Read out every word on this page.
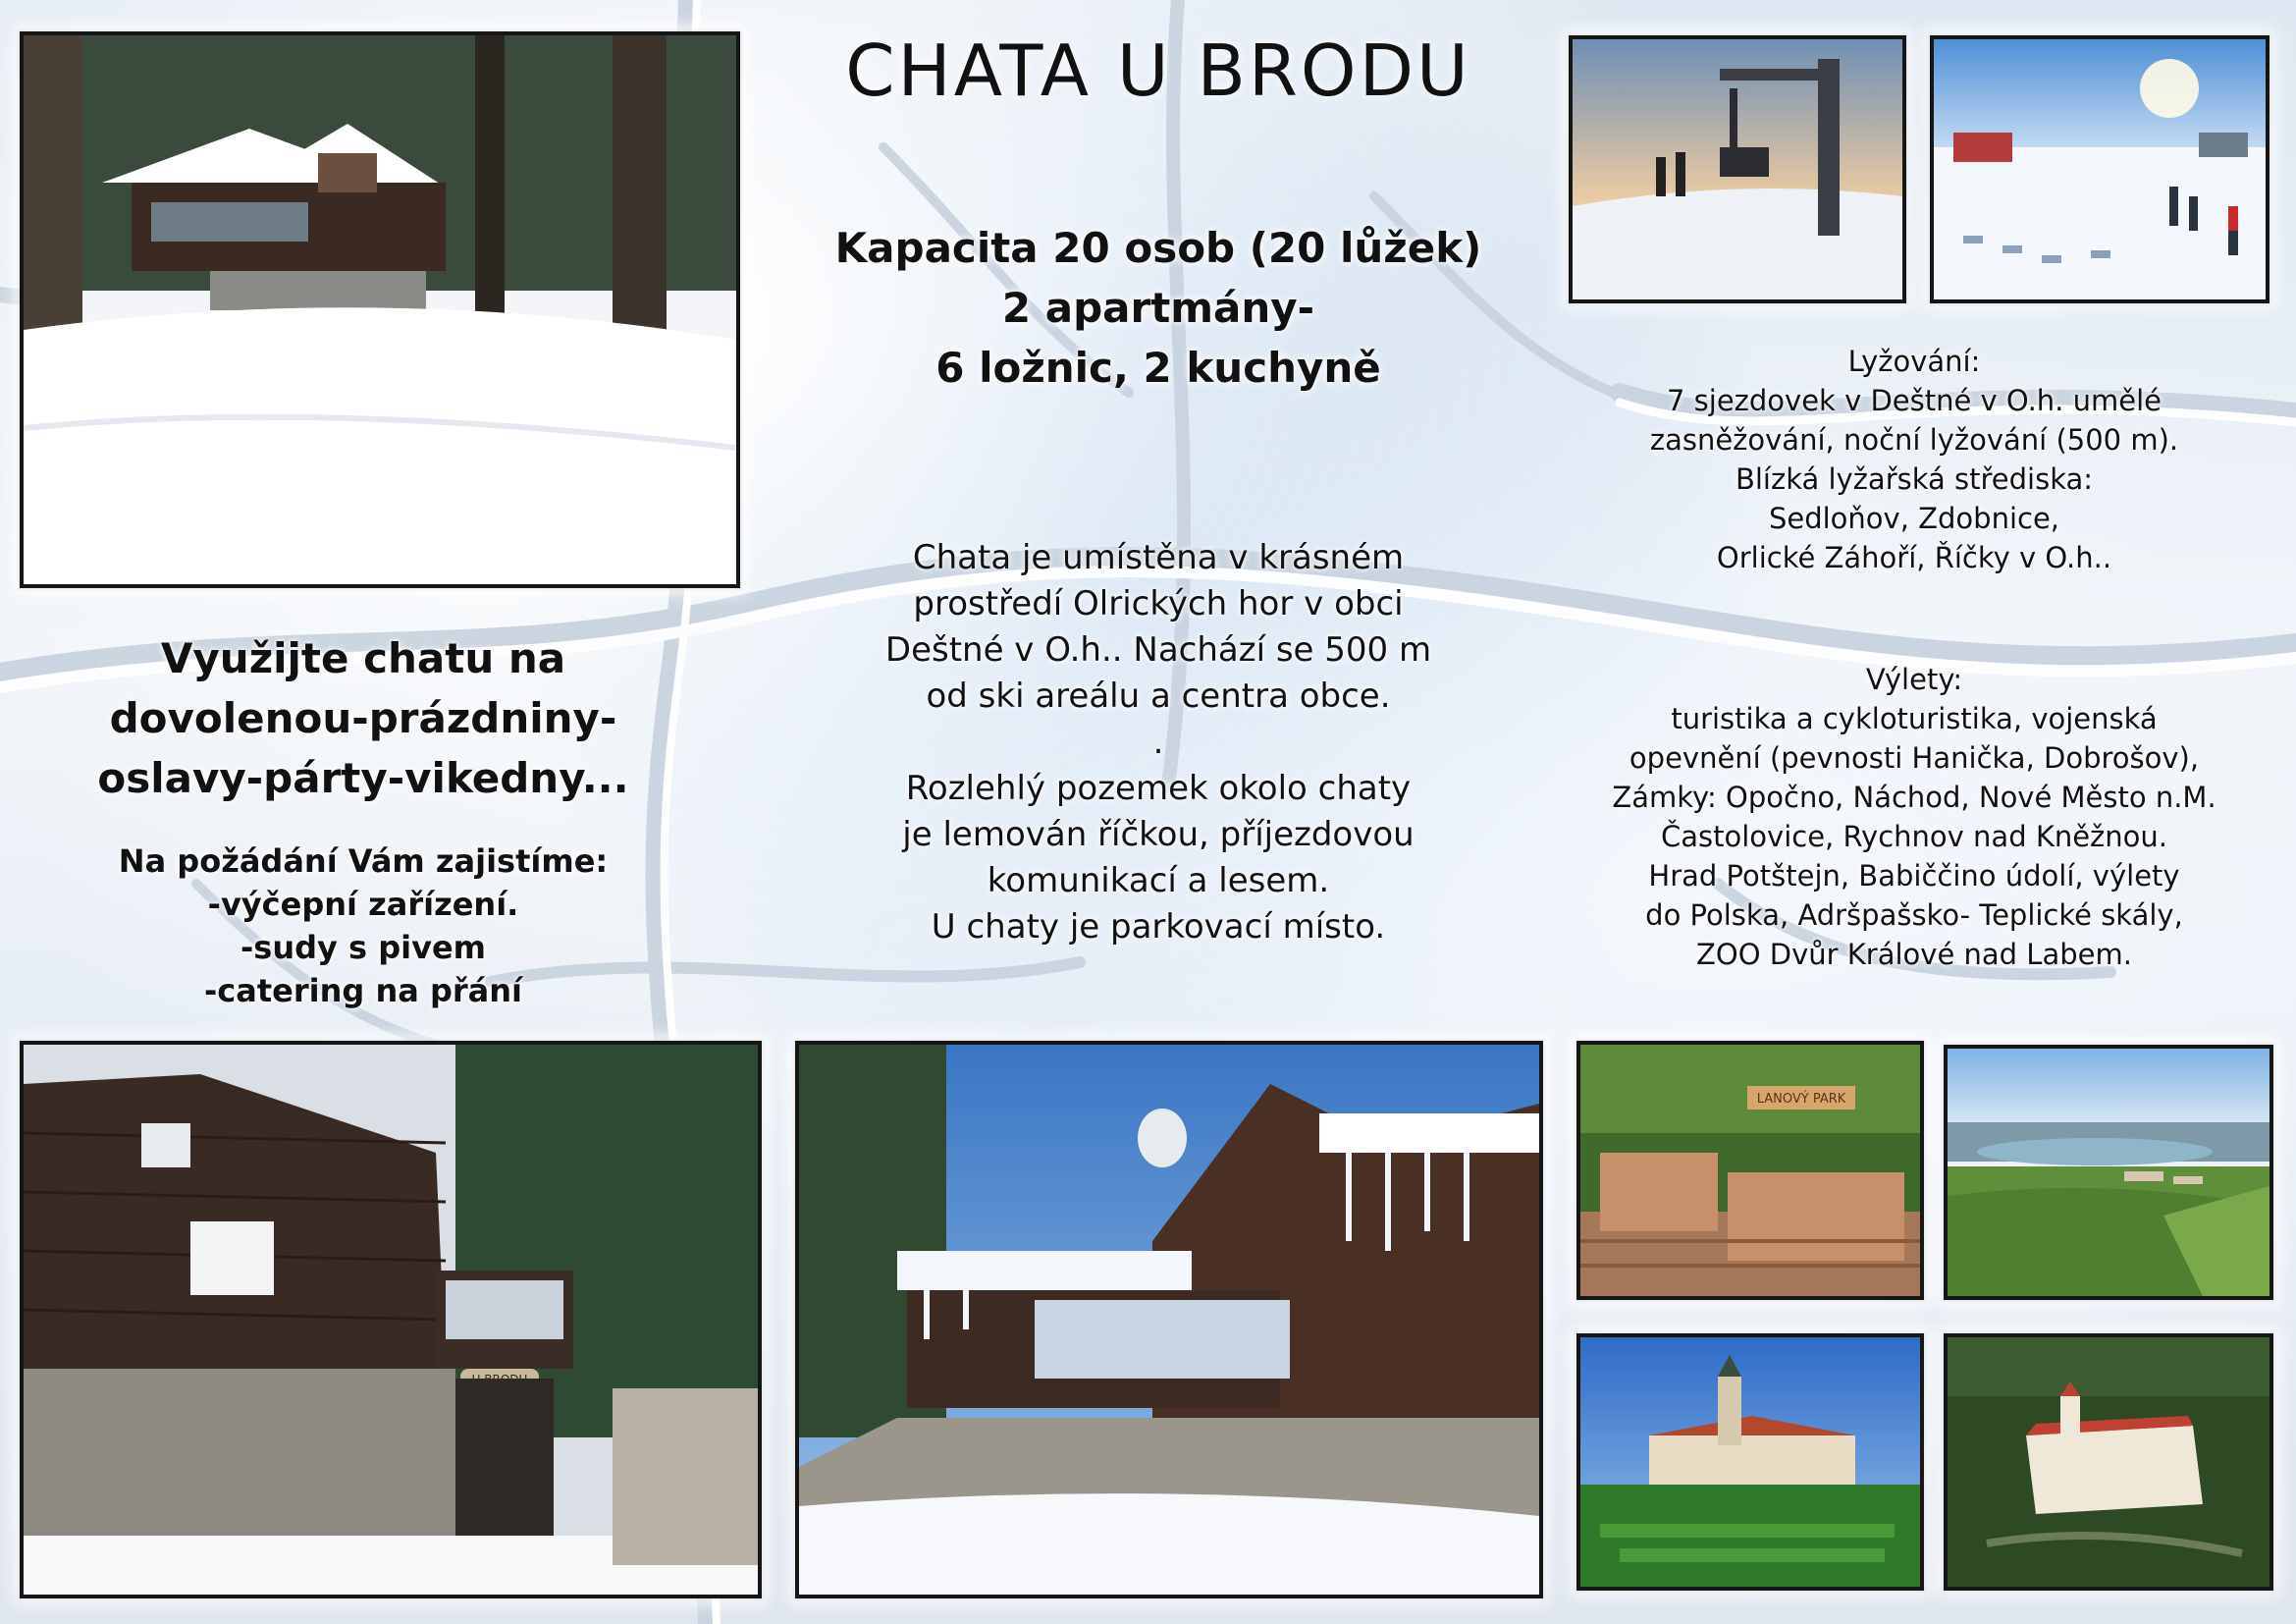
U BRODU
LANOVÝ PARK
CHATA U BRODU
Kapacita 20 osob (20 lůžek)
2 apartmány-
6 ložnic, 2 kuchyně
Chata je umístěna v krásném
prostředí Olrických hor v obci
Deštné v O.h.. Nachází se 500 m
od ski areálu a centra obce.
.
Rozlehlý pozemek okolo chaty
je lemován říčkou, příjezdovou
komunikací a lesem.
U chaty je parkovací místo.
Využijte chatu na
dovolenou-prázdniny-
oslavy-párty-vikedny...
Na požádání Vám zajistíme:
-výčepní zařízení.
-sudy s pivem
-catering na přání
Lyžování:
7 sjezdovek v Deštné v O.h. umělé
zasněžování, noční lyžování (500 m).
Blízká lyžařská střediska:
Sedloňov, Zdobnice,
Orlické Záhoří, Říčky v O.h..
Výlety:
turistika a cykloturistika, vojenská
opevnění (pevnosti Hanička, Dobrošov),
Zámky: Opočno, Náchod, Nové Město n.M.
Častolovice, Rychnov nad Kněžnou.
Hrad Potštejn, Babiččino údolí, výlety
do Polska, Adršpašsko- Teplické skály,
ZOO Dvůr Králové nad Labem.
